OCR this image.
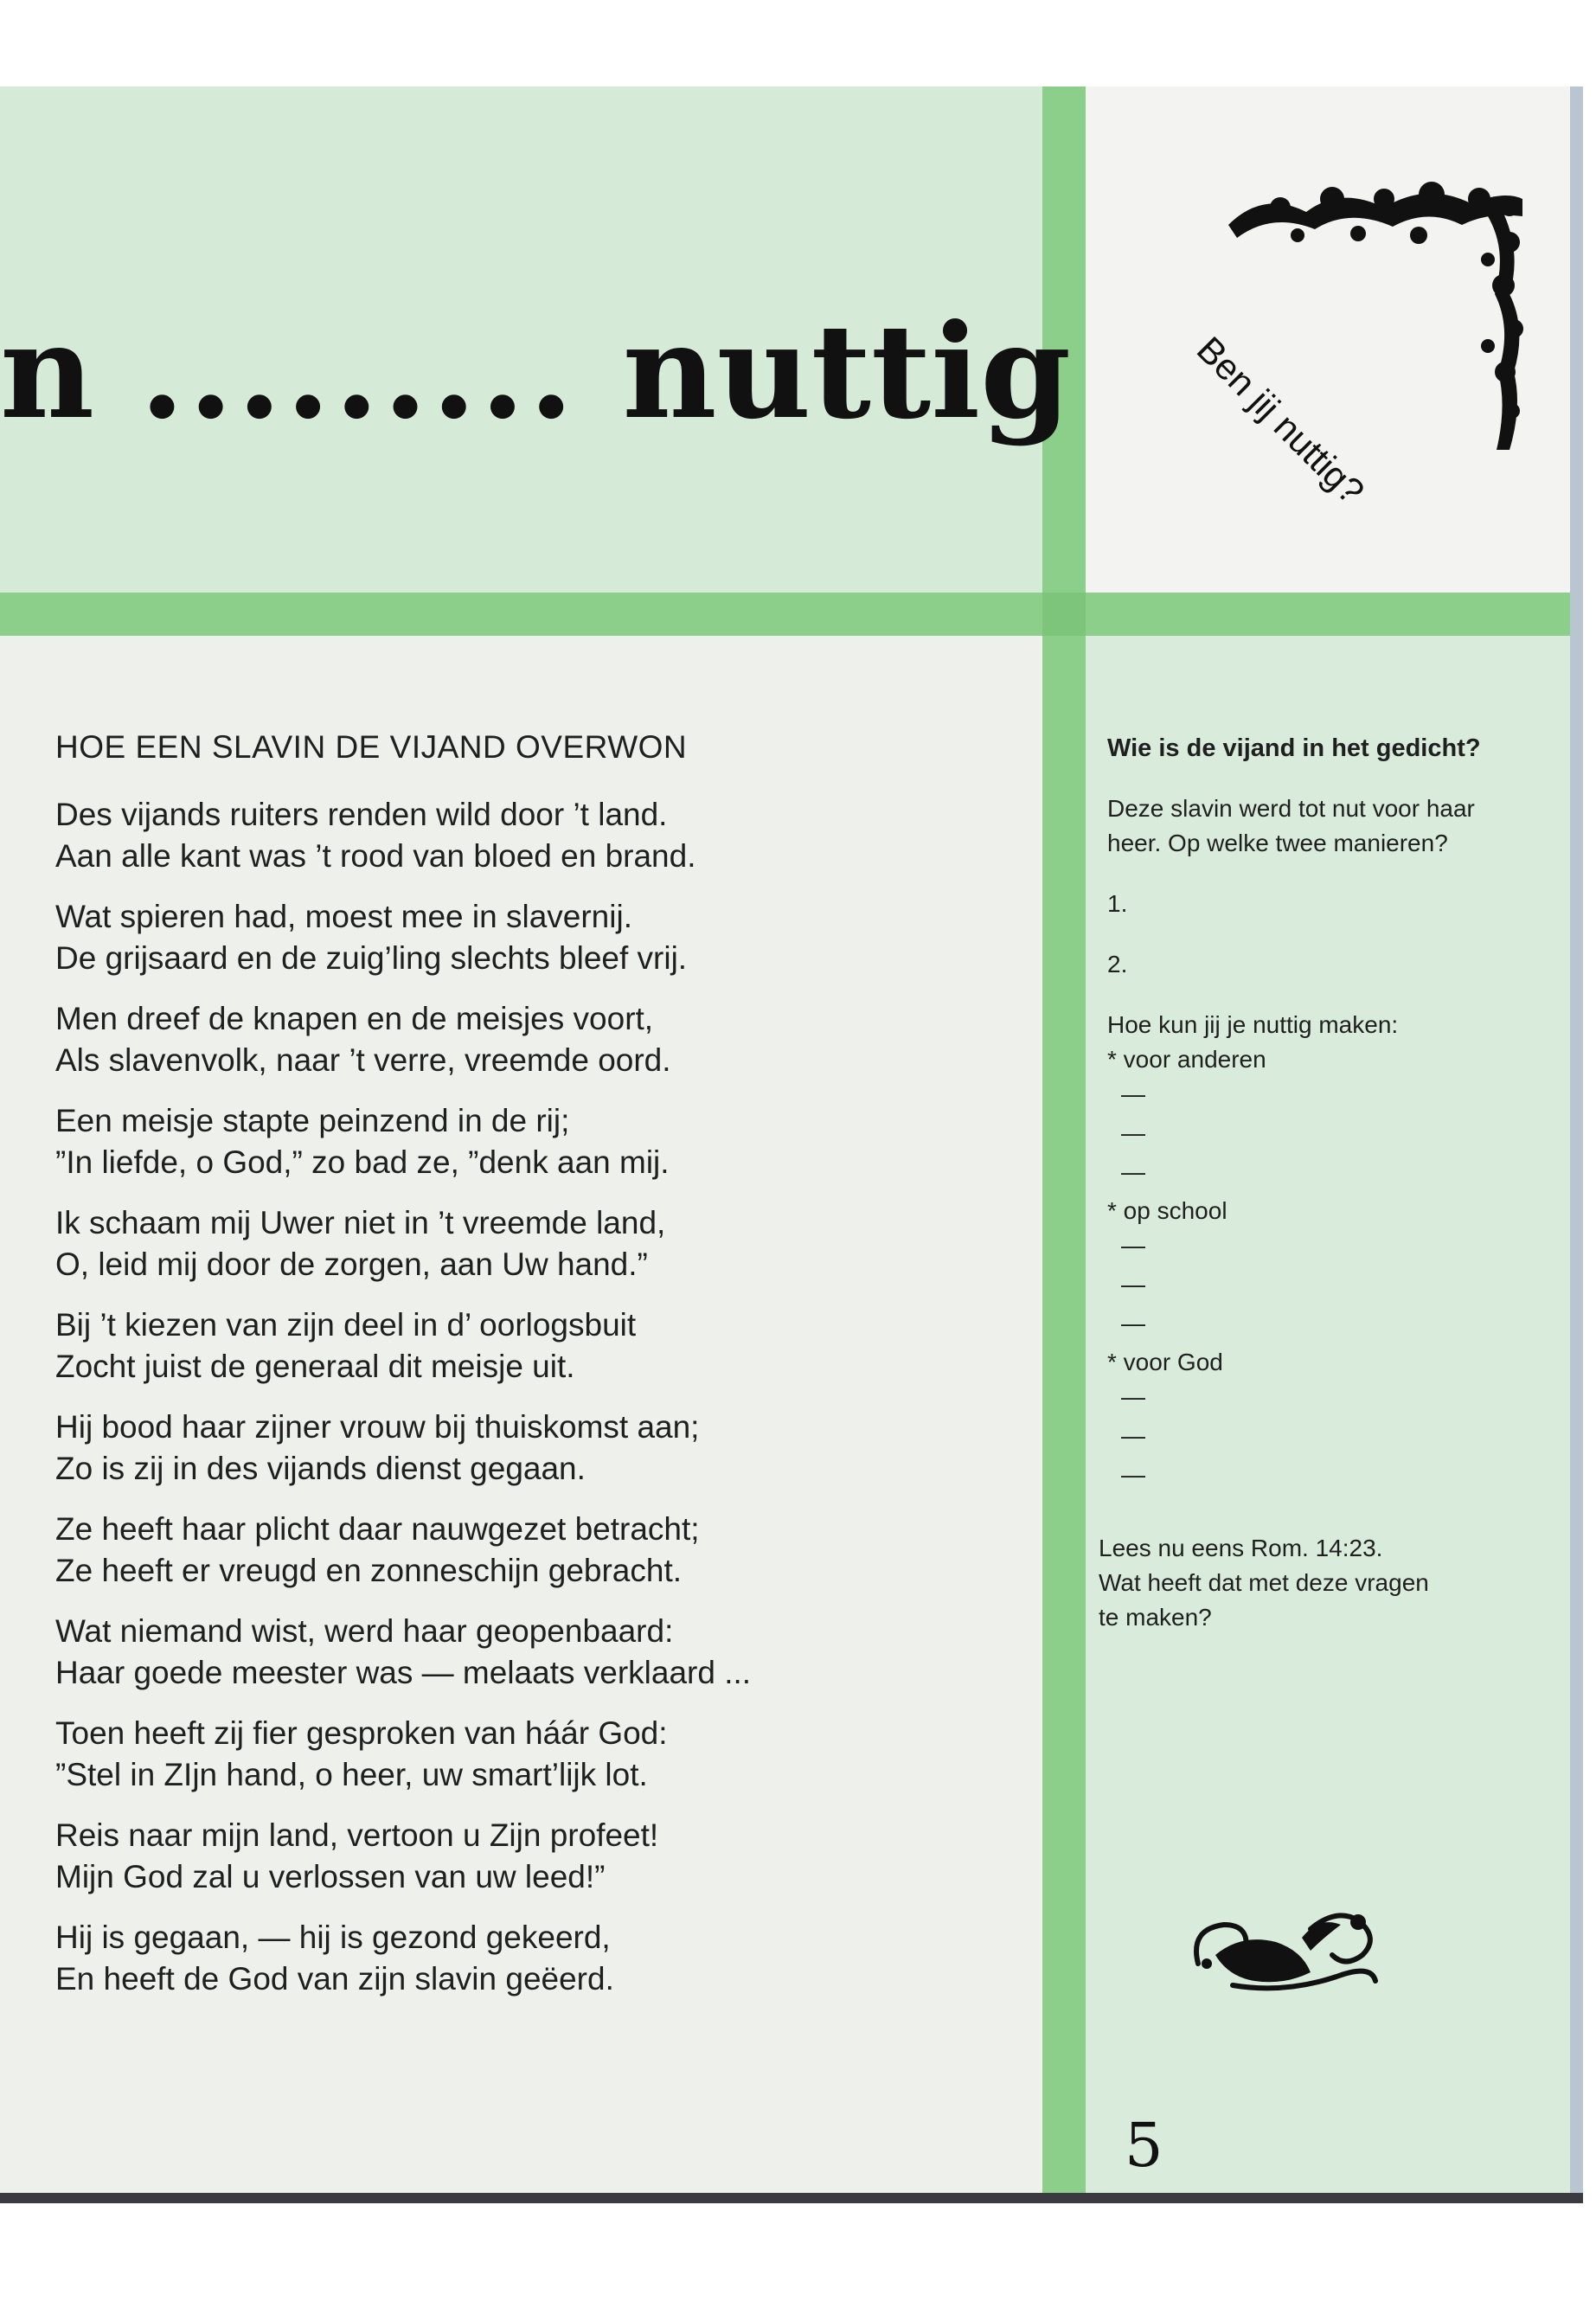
n ......... nuttig	Ben jij nuttig?
HOE EEN SLAVIN DE VIJAND OVERWON
Des vijands ruiters renden wild door ’t land.
Aan alle kant was ’t rood van bloed en brand.
Wat spieren had, moest mee in slavernij.
De grijsaard en de zuig’ling slechts bleef vrij.
Men dreef de knapen en de meisjes voort,
Als slavenvolk, naar ’t verre, vreemde oord.
Een meisje stapte peinzend in de rij;
”In liefde, o God,” zo bad ze, ”denk aan mij.
Ik schaam mij Uwer niet in ’t vreemde land,
O, leid mij door de zorgen, aan Uw hand.”
Bij ’t kiezen van zijn deel in d’ oorlogsbuit
Zocht juist de generaal dit meisje uit.
Hij bood haar zijner vrouw bij thuiskomst aan;
Zo is zij in des vijands dienst gegaan.
Ze heeft haar plicht daar nauwgezet betracht;
Ze heeft er vreugd en zonneschijn gebracht.
Wat niemand wist, werd haar geopenbaard:
Haar goede meester was — melaats verklaard ...
Toen heeft zij fier gesproken van háár God:
”Stel in ZIjn hand, o heer, uw smart’lijk lot.
Reis naar mijn land, vertoon u Zijn profeet!
Mijn God zal u verlossen van uw leed!”
Hij is gegaan, — hij is gezond gekeerd,
En heeft de God van zijn slavin geëerd.

Wie is de vijand in het gedicht?

Deze slavin werd tot nut voor haar heer. Op welke twee manieren?

1.
2.
Hoe kun jij je nuttig maken:
* voor anderen
—
—
—
* op school
—
—
—
* voor God
—
—
—
Lees nu eens Rom. 14:23.
Wat heeft dat met deze vragen
te maken?
5
